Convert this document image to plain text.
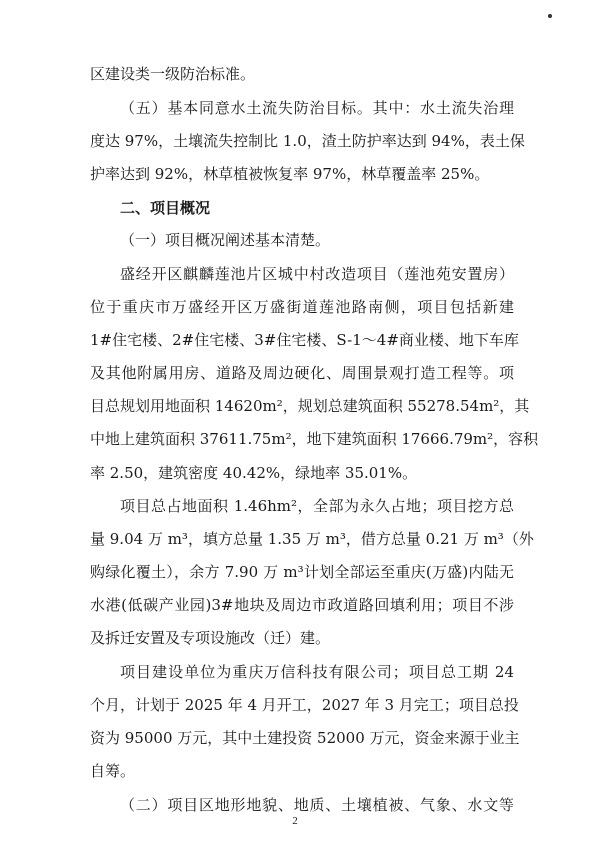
区建设类一级防治标准。
（五）基本同意水土流失防治目标。其中：水土流失治理
度达 97%，土壤流失控制比 1.0，渣土防护率达到 94%，表土保
护率达到 92%，林草植被恢复率 97%，林草覆盖率 25%。
二、项目概况
（一）项目概况阐述基本清楚。
盛经开区麒麟莲池片区城中村改造项目（莲池苑安置房）
位于重庆市万盛经开区万盛街道莲池路南侧，项目包括新建
1#住宅楼、2#住宅楼、3#住宅楼、S-1～4#商业楼、地下车库
及其他附属用房、道路及周边硬化、周围景观打造工程等。项
目总规划用地面积 14620m²，规划总建筑面积 55278.54m²，其
中地上建筑面积 37611.75m²，地下建筑面积 17666.79m²，容积
率 2.50，建筑密度 40.42%，绿地率 35.01%。
项目总占地面积 1.46hm²，全部为永久占地；项目挖方总
量 9.04 万 m³，填方总量 1.35 万 m³，借方总量 0.21 万 m³（外
购绿化覆土），余方 7.90 万 m³计划全部运至重庆(万盛)内陆无
水港(低碳产业园)3#地块及周边市政道路回填利用；项目不涉
及拆迁安置及专项设施改（迁）建。
项目建设单位为重庆万信科技有限公司；项目总工期 24
个月，计划于 2025 年 4 月开工，2027 年 3 月完工；项目总投
资为 95000 万元，其中土建投资 52000 万元，资金来源于业主
自筹。
（二）项目区地形地貌、地质、土壤植被、气象、水文等
2
